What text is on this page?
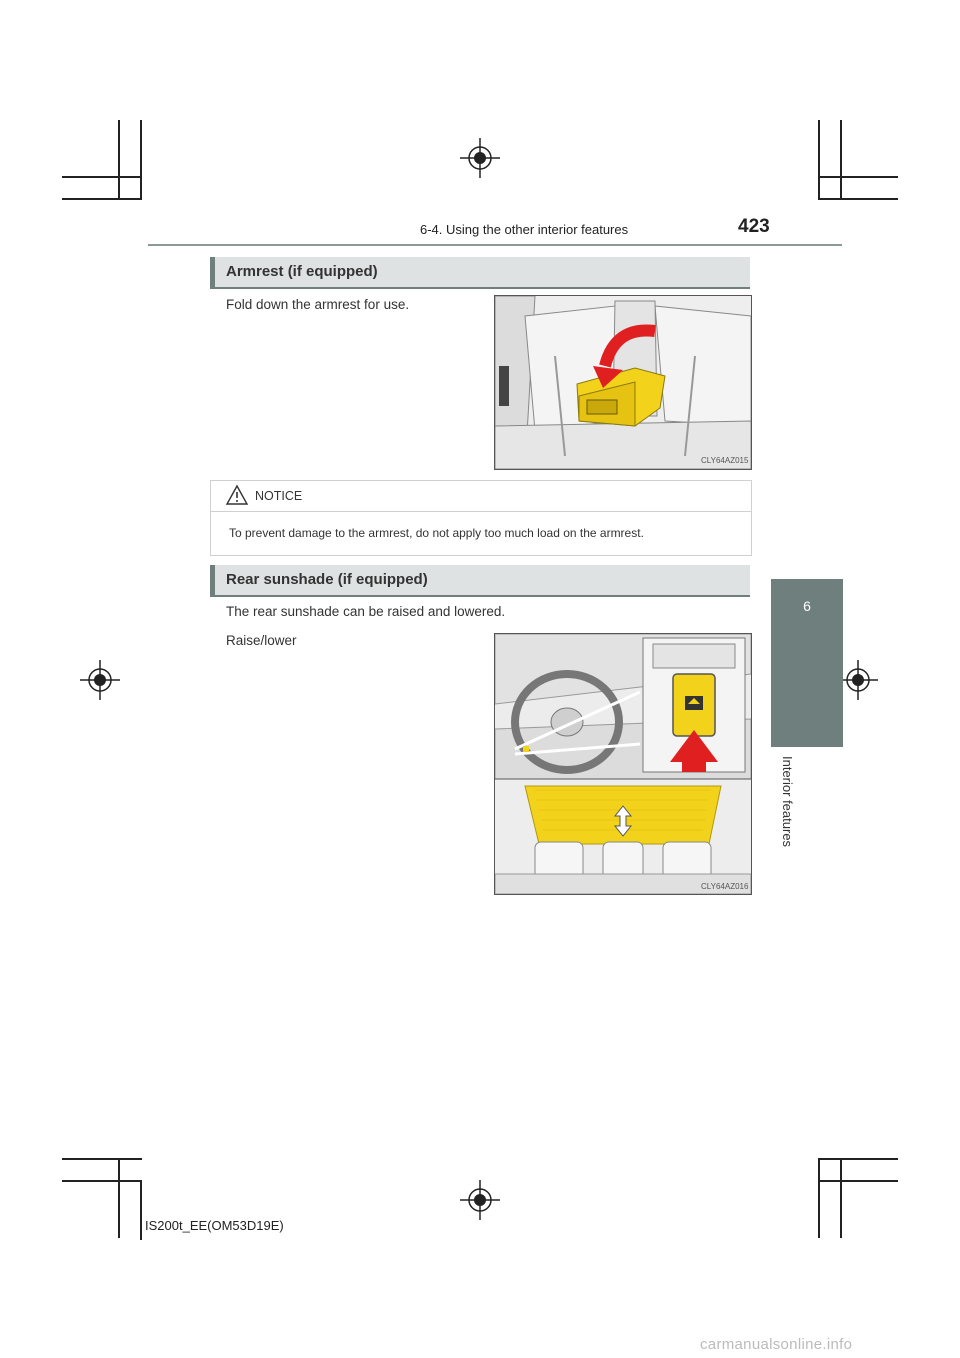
6-4. Using the other interior features	423
6
Interior features
Armrest (if equipped)
Fold down the armrest for use.
CLY64AZ015
NOTICE
To prevent damage to the armrest, do not apply too much load on the armrest.
Rear sunshade (if equipped)
The rear sunshade can be raised and lowered.
Raise/lower
CLY64AZ016
IS200t_EE(OM53D19E)
carmanualsonline.info
